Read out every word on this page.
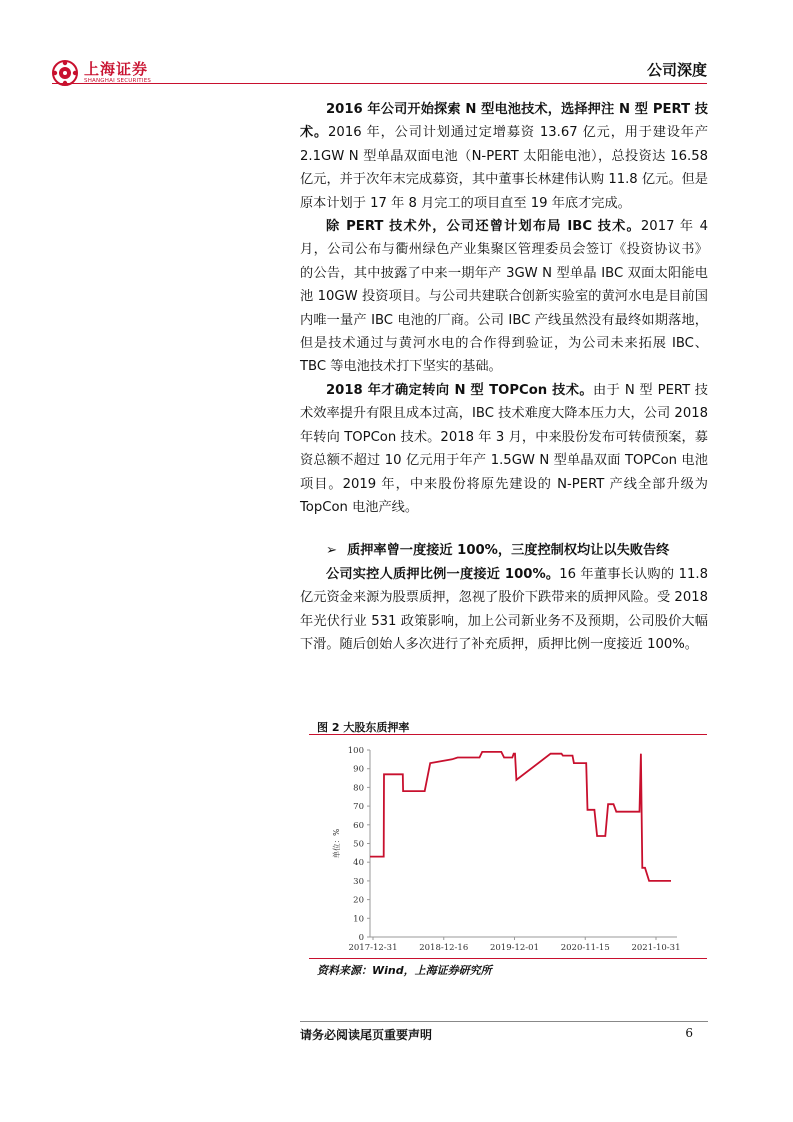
上海证券
SHANGHAI SECURITIES
公司深度

2016 年公司开始探索 N 型电池技术，选择押注 N 型 PERT 技术。2016 年，公司计划通过定增募资 13.67 亿元，用于建设年产 2.1GW N 型单晶双面电池（N-PERT 太阳能电池），总投资达 16.58亿元，并于次年末完成募资，其中董事长林建伟认购 11.8 亿元。但是原本计划于 17 年 8 月完工的项目直至 19 年底才完成。

除 PERT 技术外，公司还曾计划布局 IBC 技术。2017 年 4 月，公司公布与衢州绿色产业集聚区管理委员会签订《投资协议书》的公告，其中披露了中来一期年产 3GW N 型单晶 IBC 双面太阳能电池 10GW 投资项目。与公司共建联合创新实验室的黄河水电是目前国内唯一量产 IBC 电池的厂商。公司 IBC 产线虽然没有最终如期落地，但是技术通过与黄河水电的合作得到验证，为公司未来拓展 IBC、TBC 等电池技术打下坚实的基础。

2018 年才确定转向 N 型 TOPCon 技术。由于 N 型 PERT 技术效率提升有限且成本过高，IBC 技术难度大降本压力大，公司 2018 年转向 TOPCon 技术。2018 年 3 月，中来股份发布可转债预案，募资总额不超过 10 亿元用于年产 1.5GW N 型单晶双面 TOPCon 电池项目。2019 年，中来股份将原先建设的 N-PERT 产线全部升级为 TopCon 电池产线。

➢ 质押率曾一度接近 100%，三度控制权均让以失败告终

公司实控人质押比例一度接近 100%。16 年董事长认购的 11.8 亿元资金来源为股票质押，忽视了股价下跌带来的质押风险。受 2018 年光伏行业 531 政策影响，加上公司新业务不及预期，公司股价大幅下滑。随后创始人多次进行了补充质押，质押比例一度接近 100%。

图 2 大股东质押率
0
10
20
30
40
50
60
70
80
90
100
2017-12-31	2018-12-16	2019-12-01	2020-11-15	2021-10-31
单位：%
资料来源：Wind，上海证券研究所
请务必阅读尾页重要声明	6
